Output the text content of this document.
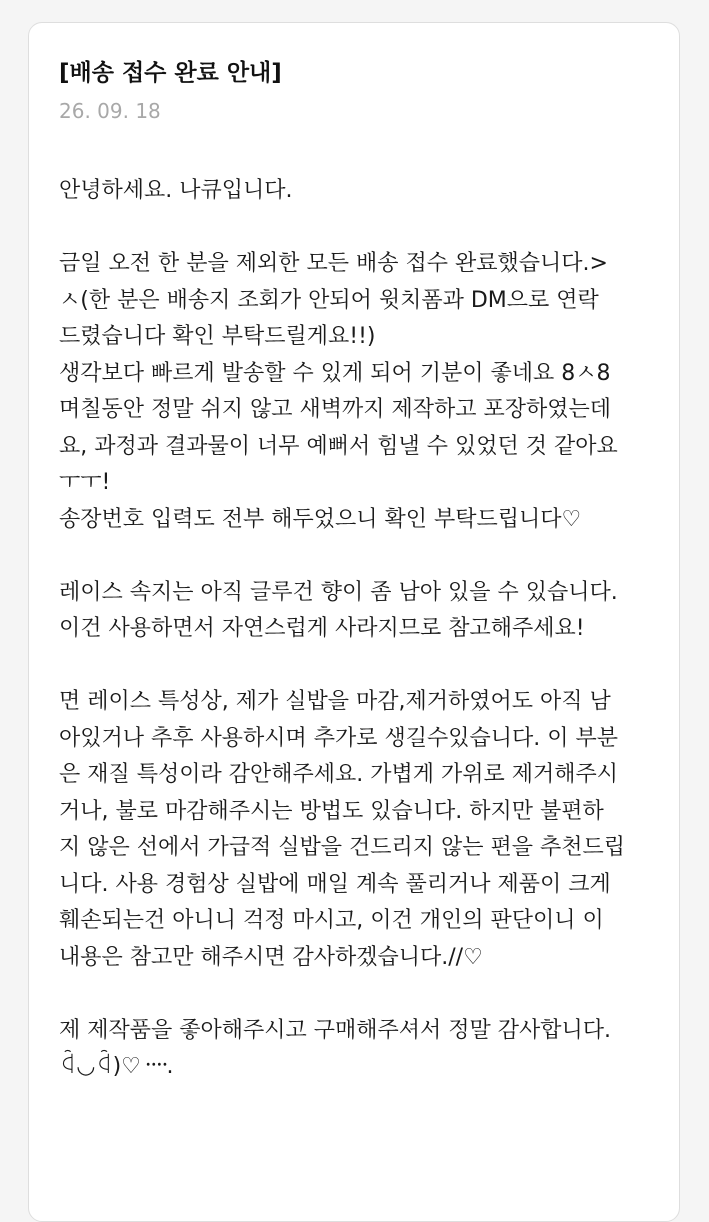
[배송 접수 완료 안내]
26. 09. 18
안녕하세요. 나큐입니다.
금일 오전 한 분을 제외한 모든 배송 접수 완료했습니다.>
ㅅ(한 분은 배송지 조회가 안되어 윗치폼과 DM으로 연락
드렸습니다 확인 부탁드릴게요!!)
생각보다 빠르게 발송할 수 있게 되어 기분이 좋네요 8ㅅ8
며칠동안 정말 쉬지 않고 새벽까지 제작하고 포장하였는데
요, 과정과 결과물이 너무 예뻐서 힘낼 수 있었던 것 같아요
ㅜㅜ!
송장번호 입력도 전부 해두었으니 확인 부탁드립니다♡
레이스 속지는 아직 글루건 향이 좀 남아 있을 수 있습니다.
이건 사용하면서 자연스럽게 사라지므로 참고해주세요!
면 레이스 특성상, 제가 실밥을 마감,제거하였어도 아직 남
아있거나 추후 사용하시며 추가로 생길수있습니다. 이 부분
은 재질 특성이라 감안해주세요. 가볍게 가위로 제거해주시
거나, 불로 마감해주시는 방법도 있습니다. 하지만 불편하
지 않은 선에서 가급적 실밥을 건드리지 않는 편을 추천드립
니다. 사용 경험상 실밥에 매일 계속 풀리거나 제품이 크게
훼손되는건 아니니 걱정 마시고, 이건 개인의 판단이니 이
내용은 참고만 해주시면 감사하겠습니다.//♡
제 제작품을 좋아해주시고 구매해주셔서 정말 감사합니다.
ꒈ◡ꒈ)♡᠁.
